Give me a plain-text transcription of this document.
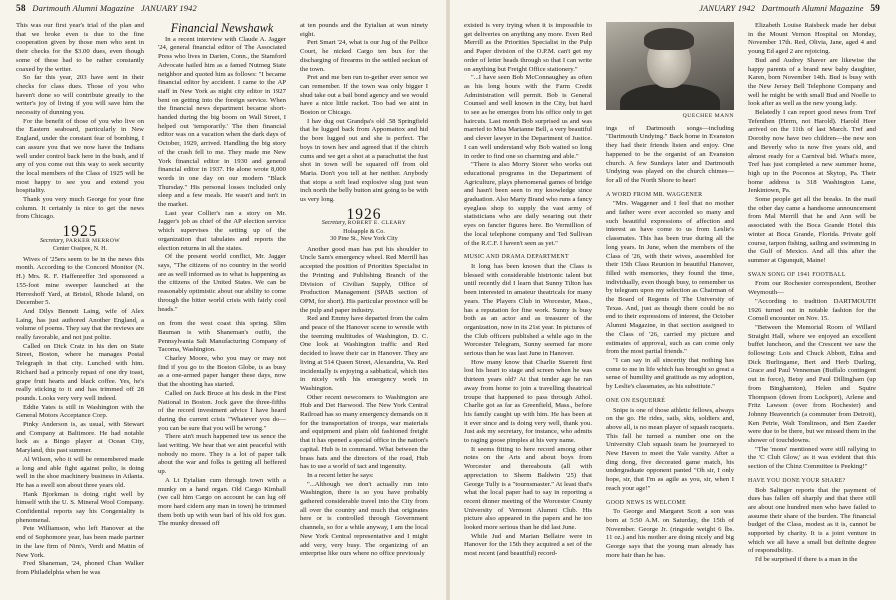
58 Dartmouth Alumni Magazine JANUARY 1942

This was our first year's trial of the plan and that we broke even is due to the fine cooperation given by those men who sent in their checks for the $3.00 dues, even though some of these had to be rather constantly coaxed by the writer.

So far this year, 203 have sent in their checks for class dues. Those of you who haven't done so will contribute greatly to the writer's joy of living if you will save him the necessity of dunning you.

For the benefit of those of you who live on the Eastern seaboard, particularly in New England, under the constant fear of bombing, I can assure you that we now have the Indians well under control back here in the bush, and if any of you come out this way to seek security the local members of the Class of 1925 will be most happy to see you and extend you hospitality.

Thank you very much George for your fine column. It certainly is nice to get the news from Chicago.

1925
Secretary, PARKER MERROW
Center Ossipee, N. H.

Wives of '25ers seem to be in the news this month. According to the Concord Monitor (N. H.) Mrs. R. F. Haffenreffer 3rd sponsored a 155-foot mine sweeper launched at the Herreshoff Yard, at Bristol, Rhode Island, on December 5.

And Dilys Bennett Laing, wife of Alex Laing, has just authored Another England, a volume of poems. They say that the reviews are really favorable, and not just polite.

Called on Dick Cratz in his den on State Street, Boston, where he manages Postal Telegraph in that city. Lunched with him. Richard had a princely repast of one dry toast, grape fruit hearts and black coffee. Yes, he's really sticking to it and has trimmed off 28 pounds. Looks very very well indeed.

Eddie Yates is still in Washington with the General Motors Acceptance Corp.

Pinky Anderson is, as usual, with Stewart and Company at Baltimore. He had notable luck as a Bingo player at Ocean City, Maryland, this past summer.

Al Wilson, who it will be remembered made a long and able fight against polio, is doing well in the shoe machinery business in Atlanta. He has a swell son about three years old.

Hank Bjorkman is doing right well by himself with the U. S. Mineral Wool Company. Confidential reports say his Congeniality is phenomenal.

Pete Williamson, who left Hanover at the end of Sophomore year, has been made partner in the law firm of Nim's, Verdi and Mattin of New York.

Fred Shaneman, '24, phoned Chan Walker from Philadelphia when he was

Financial Newshawk

In a recent interview with Claude A. Jagger '24, general financial editor of The Associated Press who lives in Darien, Conn., the Stamford Advocate hailed him as a famed Nutmeg State neighbor and quoted him as follows: "I became financial editor by accident. I came to the AP staff in New York as night city editor in 1927 bent on getting into the foreign service. When the financial news department became short-handed during the big boom on Wall Street, I helped out 'temporarily.' The then financial editor was on a vacation when the dark days of October, 1929, arrived. Handling the big story of the crash fell to me. They made me New York financial editor in 1930 and general financial editor in 1937. He alone wrote 8,000 words in one day on our modern "Black Thursday." His personal losses included only sleep and a few meals. He wasn't and isn't in the market.

Last year Collier's ran a story on Mr. Jagger's job as chief of the AP election service which supervises the setting up of the organization that tabulates and reports the election returns in all the states.

Of the present world conflict, Mr. Jagger says, "The citizens of no country in the world are as well informed as to what is happening as the citizens of the United States. We can be reasonably optimistic about our ability to come through the bitter world crisis with fairly cool heads."

on from the west coast this spring. Slim Bauman is with Shaneman's outfit, the Pennsylvania Salt Manufacturing Company of Tacoma, Washington.

Charley Moore, who you may or may not find if you go to the Boston Globe, is as busy as a one-armed paper hanger these days, now that the shooting has started.

Called on Jack Bruce at his desk in the First National in Boston. Jock gave the three-fifths of the record investment advice I have heard during the current crisis "Whatever you do—you can be sure that you will be wrong."

There ain't much happened tew us sence the last writing. We hear that we aint peaceful with nobody no more. They is a lot of paper talk about the war and folks is getting all heffered up.

A Lt Eytalian cum through town with a munky on a hand organ. Old Cargo Kimball (we call him Cargo on account he can lug off more hard cidern any man in town) he trimmed them both up with wun barl of his old fox gun. The munky dressed off

at ten pounds and the Eytalian at wun ninety eight.

Pert Smart '24, what is our Jug of the Pellice Court, he nicked Cargo ten bux for the discharging of firearms in the settled seckun of the town.

Pret and me ben run to-gether ever sence we can remember. If the town was only bigger I shud take out a bail bond agency and we would have a nice little racket. Too bad we aint in Boston or Chicago.

I hav dug out Grandpa's old .58 Springfield that he lugged back from Appomattox and hid the bore lugged out and she is perfect. The boys in town hev and agreed that if the chirch cums and we get a shot at a parachutist the fust shot in town will be squared off from old Maria. Don't you tell at her neither. Anybody that stops a soft lead explosive slug just wun inch north the belly button aint going to be with us very long.

1926
Secretary, ROBERT E. CLEARY
Holsapple & Co.
30 Pine St., New York City

Another good man has put his shoulder to Uncle Sam's emergency wheel. Red Merrill has accepted the position of Priorities Specialist in the Printing and Publishing Branch of the Division of Civilian Supply, Office of Production Management (SPAB section of OPM, for short). His particular province will be the pulp and paper industry.

Red and Emmy have departed from the calm and peace of the Hanover scene to wrestle with the teeming multitudes of Washington, D. C. One look at Washington traffic and Red decided to leave their car in Hanover. They are living at 514 Queen Street, Alexandria, Va. Red incidentally is enjoying a sabbatical, which ties in nicely with his emergency work in Washington.

Other recent newcomers to Washington are Hub and Det Harwood. The New York Central Railroad has so many emergency demands on it for the transportation of troops, war materials and equipment and plain old fashioned freight that it has opened a special office in the nation's capital. Hub is in command. What between the brass hats and the directors of the road, Hub has to use a world of tact and ingenuity.

In a recent letter he says:

"...Although we don't actually run into Washington, there is so you have probably gathered considerable travel into the City from all over the country and much that originates here or is controlled through Government channels, so for a while anyway, I am the local New York Central representative and I might add very, very busy. The organizing of an enterprise like ours where no office previously

JANUARY 1942 Dartmouth Alumni Magazine 59

existed is very trying when it is impossible to get deliveries on anything any more. Even Red Merrill as the Priorities Specialist in the Pulp and Paper division of the O.P.M. can't get my order of letter heads through so that I can write on anything but Freight Office stationery."

"...I have seen Bob McConnaughey as often as his long hours with the Farm Credit Administration will permit. Bob is General Counsel and well known in the City, but hard to see as he emerges from his office only to get haircuts. Last month Bob surprised us and was married to Miss Marianne Bell, a very beautiful and clever lawyer in the Department of Justice. I can well understand why Bob waited so long in order to find one so charming and able."

"There is also Morry Storer who works out educational programs in the Department of Agriculture, plays phenomenal games of bridge and hasn't been seen to my knowledge since graduation. Also Marty Brand who runs a fancy eyeglass shop to supply the vast army of statisticians who are daily wearing out their eyes on fancier figures here. Bo Vermillion of the local telephone company and Ted Sullivan of the R.C.F. I haven't seen as yet."

MUSIC AND DRAMA DEPARTMENT

It long has been known that the Class is blessed with considerable histrionic talent but until recently did I learn that Sunny Tilton has been interested in amateur theatricals for many years. The Players Club in Worcester, Mass., has a reputation for fine work. Sunny is busy both as an actor and as treasurer of the organization, now in its 21st year. In pictures of the Club officers published a while ago in the Worcester Telegram, Sunny seemed far more serious than he was last June in Hanover.

How many know that Charlie Starrett first lost his heart to stage and screen when he was thirteen years old? At that tender age he ran away from home to join a travelling theatrical troupe that happened to pass through Athol. Charlie got as far as Greenfield, Mass., before his family caught up with him. He has been at it ever since and is doing very well, thank you. Just ask my secretary, for instance, who admits to raging goose pimples at his very name.

It seems fitting to here record among other notes on the Arts and about boys from Worcester and thereabouts (all with appreciation to Sherm Baldwin '25) that George Tully is a "tournsmaster." At least that's what the local paper had to say in reporting a recent dinner meeting of the Worcester County University of Vermont Alumni Club. His picture also appeared in the papers and he too looked more serious than he did last June.

While Jud and Marian Bellaire were in Hanover for the 15th they acquired a set of the most recent (and beautiful) record-

QUECHEE MANN

ings of Dartmouth songs—including "Dartmouth Undying." Back home in Evanston they had their friends listen and enjoy. One happened to be the organist of an Evanston church. A few Sundays later and Dartmouth Undying was played on the church chimes—for all of the North Shore to hear!

A WORD FROM MR. WAGGENER

"Mrs. Waggener and I feel that no mother and father were ever accorded so many and such beautiful expressions of affection and interest as have come to us from Leslie's classmates. This has been true during all the long years. In June, when the members of the Class of '26, with their wives, assembled for their 15th Class Reunion in beautiful Hanover, filled with memories, they found the time, individually, even though busy, to remember us by telegram upon my selection as Chairman of the Board of Regents of The University of Texas. And, just as though there could be no end to their expressions of interest, the October Alumni Magazine, in that section assigned to the Class of '26, carried my picture and estimates of approval, such as can come only from the most partial friends."

"I can say in all sincerity that nothing has come to me in life which has brought so great a sense of humility and gratitude as my adoption, by Leslie's classmates, as his substitute."

ONE ON ESQUERRÉ

Snipe is one of those athletic fellows, always on the go. He rides, sails, skis, soldiers and, above all, is no mean player of squash racquets. This fall he turned a number one on the University Club squash team he journeyed to New Haven to meet the Yale varsity. After a ding dong, five decorated game match, his undergraduate opponent panted "Oh sir, I only hope, sir, that I'm as agile as you, sir, when I reach your age!"

GOOD NEWS IS WELCOME

To George and Margaret Scott a son was born at 5:50 A.M. on Saturday, the 15th of November. George Jr. (ringside weight 6 lbs. 11 oz.) and his mother are doing nicely and big George says that the young man already has more hair than he has.

Elizabeth Louise Raisbeck made her debut in the Mount Vernon Hospital on Monday, November 17th. Red, Olivia, Jane, aged 4 and young Ed aged 2 are rejoicing.

Bud and Audrey Shaver are likewise the happy parents of a brand new baby daughter, Karen, born November 14th. Bud is busy with the New Jersey Bell Telephone Company and well he might be with small Bud and Noelle to look after as well as the new young lady.

Belatedly I can report good news from Tref Tefenthen (Herm, not Harold). Harold Heer arrived on the 11th of last March. Tref and Dorothy now have two children—the new son and Beverly who is now five years old, and almost ready for a Carnival bid. What's more, Tref has just completed a new summer home, high up in the Poconos at Skytop, Pa. Their home address is 318 Washington Lane, Jenkintown, Pa.

Some people get all the breaks. In the mail the other day came a handsome announcement from Mal Merrill that he and Ann will be associated with the Boca Grande Hotel this winter at Boca Grande, Florida. Private golf course, tarpon fishing, sailing and swimming in the Gulf of Mexico. And all this after the summer at Ogunquit, Maine!

SWAN SONG OF 1941 FOOTBALL

From our Rochester correspondent, Brother Weymouth—

"According to tradition DARTMOUTH 1926 turned out in notable fashion for the Cornell encounter on Nov. 15.

"Between the Memorial Room of Willard Straight Hall, where we enjoyed an excellent buffet luncheon, and the Crescent we saw the following: Lois and Chuck Abbott, Edna and Dick Burlingame, Bert and Herb Darling, Grace and Paul Venneman (Buffalo contingent out in force), Betsy and Paul Dillingham (up from Binghamton), Helen and Squire Thompson (down from Lockport), Arlene and Fritz Lawson (over from Rochester) and Johnny Heavenrich (a commuter from Detroit), Ken Petrie, Walt Tomlinson, and Ben Zaeder were due to be there, but we missed them in the shower of touchdowns.

"The 'mons' mentioned were still rallying to the 'C Club Glow,' as it was evident that this section of the Chinz Committee is Peeking!"

HAVE YOU DONE YOUR SHARE?

Bob Salinger reports that the payment of dues has fallen off sharply and that there still are about one hundred men who have failed to assume their share of the burden. The financial budget of the Class, modest as it is, cannot be supported by charity. It is a joint venture in which we all have a small but definite degree of responsibility.

I'd be surprised if there is a man in the
